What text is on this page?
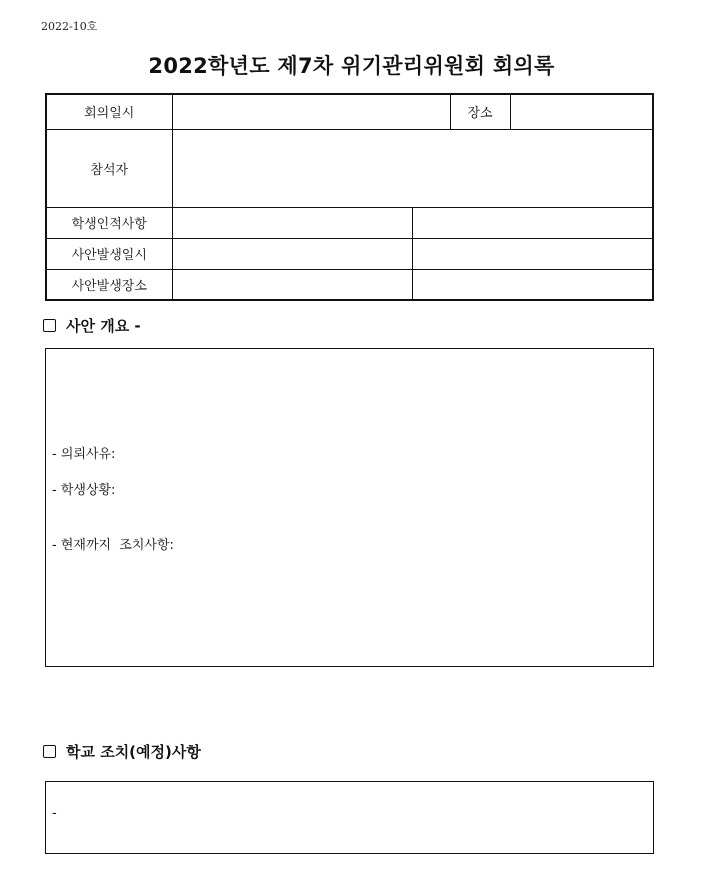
2022-10호
2022학년도 제7차 위기관리위원회 회의록
회의일시			장소	
참석자				
학생인적사항				
사안발생일시				
사안발생장소				
사안 개요 -
- 의뢰사유:
- 학생상황:
- 현재까지  조치사항:
학교 조치(예정)사항
-
